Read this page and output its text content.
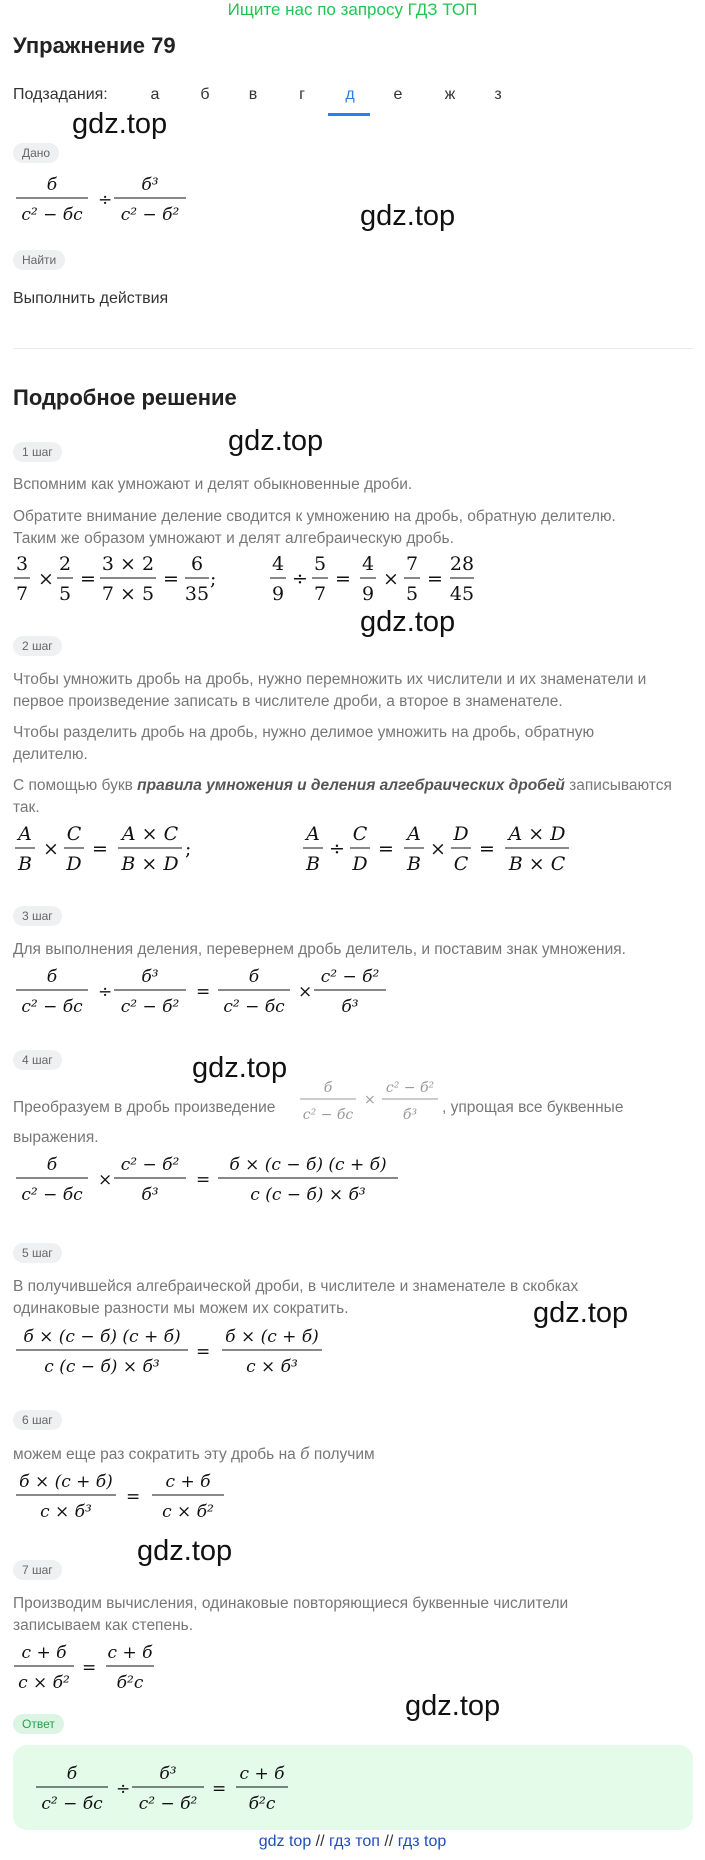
Ищите нас по запросу ГДЗ ТОП
Упражнение 79
Подзадания:	а	б	в	г	д	е	ж	з
gdz.top
gdz.top
gdz.top
gdz.top
gdz.top
gdz.top
gdz.top
gdz.top
Дано
б
с² − бс
÷
б³
с² − б²
Найти
Выполнить действия
Подробное решение
1 шаг
Вспомним как умножают и делят обыкновенные дроби.
Обратите внимание деление сводится к умножению на дробь, обратную делителю.
Таким же образом умножают и делят алгебраическую дробь.
3
7
×
2
5
=
3 × 2
7 × 5
=
6
35
;
4
9
÷
5
7
=
4
9
×
7
5
=
28
45
2 шаг
Чтобы умножить дробь на дробь, нужно перемножить их числители и их знаменатели и
первое произведение записать в числителе дроби, а второе в знаменателе.
Чтобы разделить дробь на дробь, нужно делимое умножить на дробь, обратную
делителю.
С помощью букв правила умножения и деления алгебраических дробей записываются
так.
A
B
×
C
D
=
A × C
B × D
;
A
B
÷
C
D
=
A
B
×
D
C
=
A × D
B × C
3 шаг
Для выполнения деления, перевернем дробь делитель, и поставим знак умножения.
б
с² − бс
÷
б³
с² − б²
=
б
с² − бс
×
с² − б²
б³
4 шаг
Преобразуем в дробь произведение
б
с² − бс
×
с² − б²
б³ , упрощая все буквенные
выражения.
б
с² − бс
×
с² − б²
б³
=
б × (с − б) (с + б)
с (с − б) × б³
5 шаг
В получившейся алгебраической дроби, в числителе и знаменателе в скобках
одинаковые разности мы можем их сократить.
б × (с − б) (с + б)
с (с − б) × б³
=
б × (с + б)
с × б³
6 шаг
можем еще раз сократить эту дробь на б получим
б × (с + б)
с × б³
=
с + б
с × б²
7 шаг
Производим вычисления, одинаковые повторяющиеся буквенные числители
записываем как степень.
с + б
с × б²
=
с + б
б²с
Ответ
б
с² − бс
÷
б³
с² − б²
=
с + б
б²с
gdz top // гдз топ // гдз top
